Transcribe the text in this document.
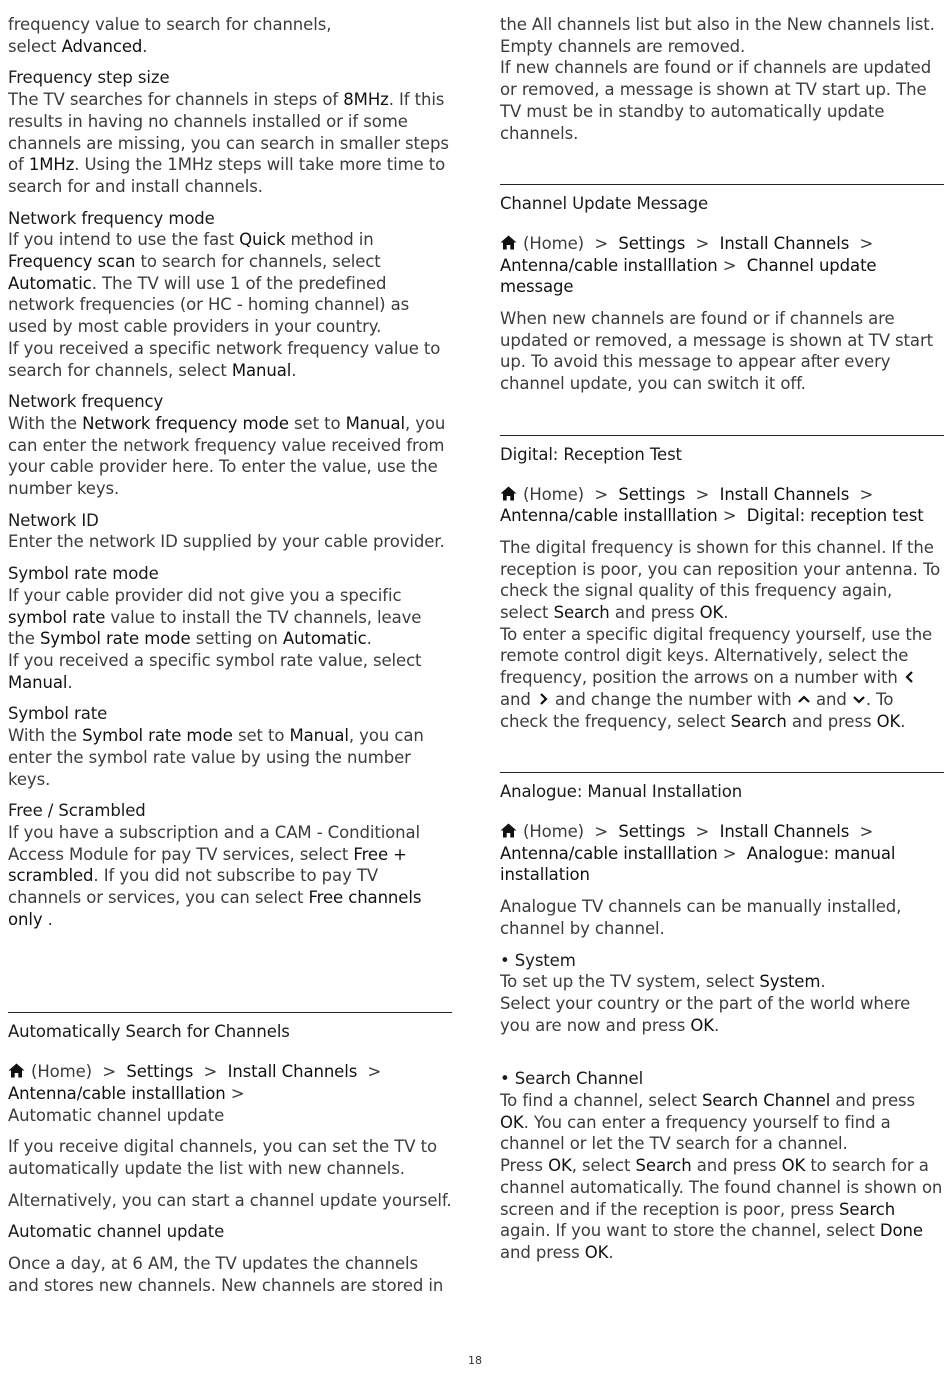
frequency value to search for channels,
select Advanced.

Frequency step size
The TV searches for channels in steps of 8MHz. If this results in having no channels installed or if some channels are missing, you can search in smaller steps of 1MHz. Using the 1MHz steps will take more time to search for and install channels.

Network frequency mode
If you intend to use the fast Quick method in Frequency scan to search for channels, select Automatic. The TV will use 1 of the predefined network frequencies (or HC - homing channel) as used by most cable providers in your country.
If you received a specific network frequency value to search for channels, select Manual.

Network frequency
With the Network frequency mode set to Manual, you can enter the network frequency value received from your cable provider here. To enter the value, use the number keys.

Network ID
Enter the network ID supplied by your cable provider.

Symbol rate mode
If your cable provider did not give you a specific symbol rate value to install the TV channels, leave the Symbol rate mode setting on Automatic.
If you received a specific symbol rate value, select Manual.

Symbol rate
With the Symbol rate mode set to Manual, you can enter the symbol rate value by using the number keys.

Free / Scrambled
If you have a subscription and a CAM - Conditional Access Module for pay TV services, select Free + scrambled. If you did not subscribe to pay TV channels or services, you can select Free channels only .

Automatically Search for Channels

(Home) > Settings > Install Channels >  Antenna/cable installlation >
Automatic channel update

If you receive digital channels, you can set the TV to automatically update the list with new channels.

Alternatively, you can start a channel update yourself.

Automatic channel update

Once a day, at 6 AM, the TV updates the channels and stores new channels. New channels are stored in

the All channels list but also in the New channels list. Empty channels are removed.
If new channels are found or if channels are updated or removed, a message is shown at TV start up. The TV must be in standby to automatically update channels.

Channel Update Message

(Home) > Settings > Install Channels >  Antenna/cable installlation > Channel update message

When new channels are found or if channels are updated or removed, a message is shown at TV start up. To avoid this message to appear after every channel update, you can switch it off.

Digital: Reception Test

(Home) > Settings > Install Channels >  Antenna/cable installlation > Digital: reception test

The digital frequency is shown for this channel. If the reception is poor, you can reposition your antenna. To check the signal quality of this frequency again, select Search and press OK.
To enter a specific digital frequency yourself, use the remote control digit keys. Alternatively, select the frequency, position the arrows on a number with  and  and change the number with  and . To check the frequency, select Search and press OK.

Analogue: Manual Installation

(Home) > Settings > Install Channels >  Antenna/cable installlation > Analogue: manual installation

Analogue TV channels can be manually installed, channel by channel.

• System
To set up the TV system, select System.
Select your country or the part of the world where you are now and press OK.

• Search Channel
To find a channel, select Search Channel and press OK. You can enter a frequency yourself to find a channel or let the TV search for a channel.
Press OK, select Search and press OK to search for a channel automatically. The found channel is shown on screen and if the reception is poor, press Search again. If you want to store the channel, select Done and press OK.

18
